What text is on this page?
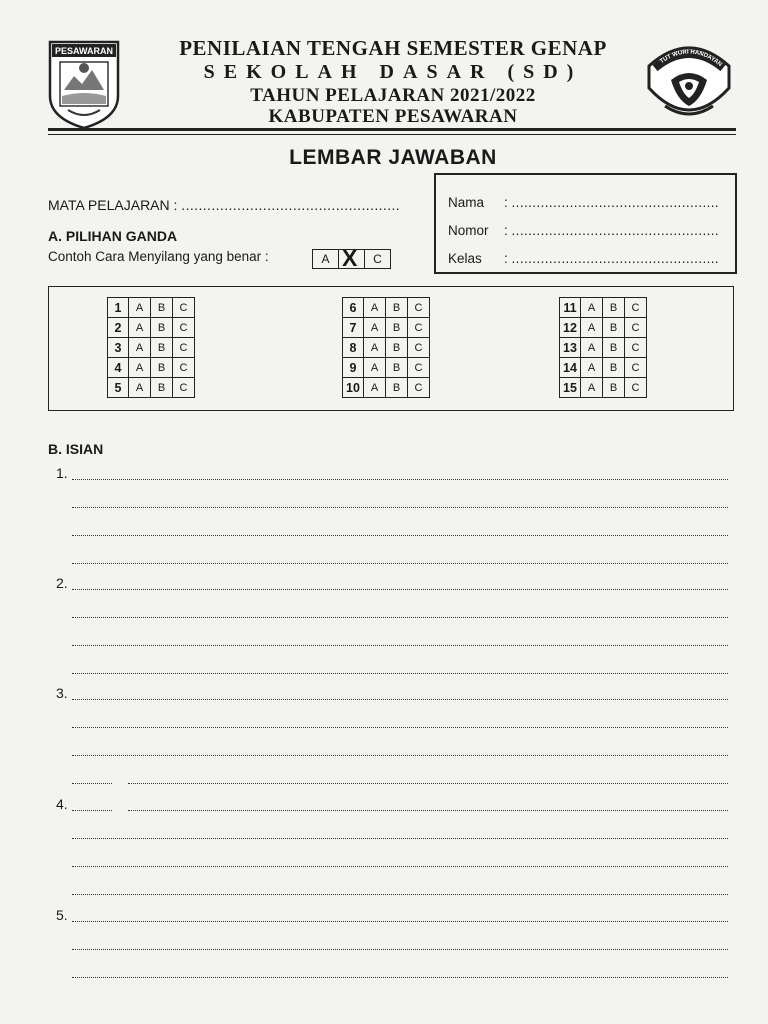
PESAWARAN
TUT WURI HANDAYAN
PENILAIAN TENGAH SEMESTER GENAP
SEKOLAH DASAR (SD)
TAHUN PELAJARAN 2021/2022
KABUPATEN PESAWARAN
LEMBAR JAWABAN
MATA PELAJARAN : ...................................................
A. PILIHAN GANDA
Contoh Cara Menyilang yang benar :	A X	C
Nama : ..................................................
Nomor : ..................................................
Kelas : ..................................................
1	A	B	C
2	A	B	C
3	A	B	C
4	A	B	C
5	A	B	C
6	A	B	C
7	A	B	C
8	A	B	C
9	A	B	C
10	A	B	C
11	A	B	C
12	A	B	C
13	A	B	C
14	A	B	C
15	A	B	C
B. ISIAN
1.
2.
3.
4.
5.
